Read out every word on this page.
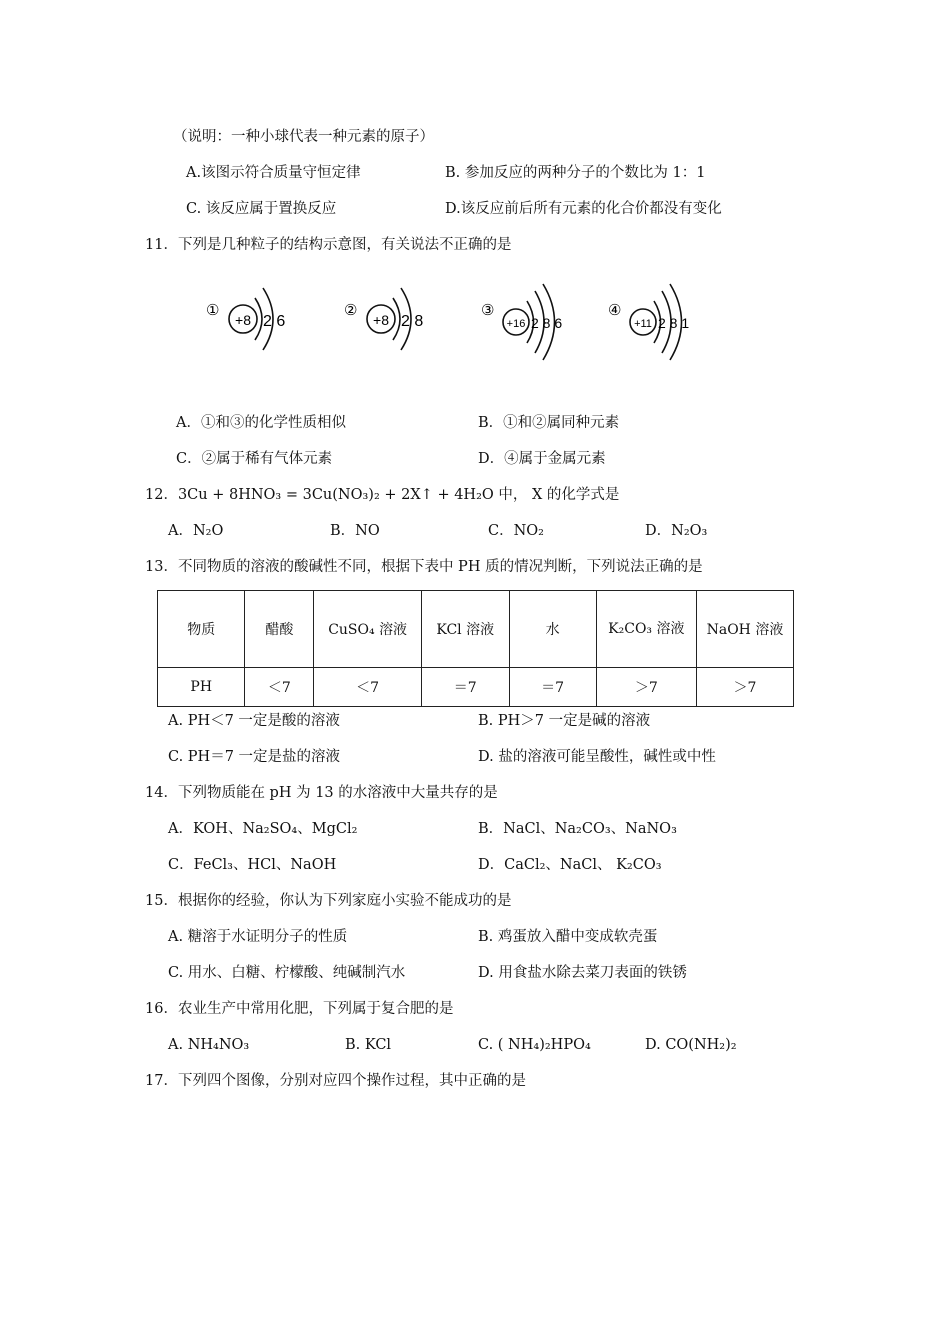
（说明：一种小球代表一种元素的原子）
A.该图示符合质量守恒定律	B. 参加反应的两种分子的个数比为 1：1
C. 该反应属于置换反应	D.该反应前后所有元素的化合价都没有变化
11．下列是几种粒子的结构示意图，有关说法不正确的是
①
+8 2 6
②
+8 2 8
③
+16 2 8 6
④
+11 2 8 1
A．①和③的化学性质相似	B．①和②属同种元素
C．②属于稀有气体元素	D．④属于金属元素
12．3Cu + 8HNO₃ = 3Cu(NO₃)₂ + 2X↑ + 4H₂O 中， X 的化学式是
A．N₂O	B．NO	C．NO₂	D．N₂O₃
13．不同物质的溶液的酸碱性不同，根据下表中 PH 质的情况判断，下列说法正确的是
物质	醋酸	CuSO₄ 溶液	KCl 溶液	水	K₂CO₃ 溶液	NaOH 溶液
PH	＜7	＜7	＝7	＝7	＞7	＞7
A. PH＜7 一定是酸的溶液	B. PH＞7 一定是碱的溶液
C. PH＝7 一定是盐的溶液	D. 盐的溶液可能呈酸性，碱性或中性
14．下列物质能在 pH 为 13 的水溶液中大量共存的是
A．KOH、Na₂SO₄、MgCl₂	B．NaCl、Na₂CO₃、NaNO₃
C．FeCl₃、HCl、NaOH	D．CaCl₂、NaCl、 K₂CO₃
15．根据你的经验，你认为下列家庭小实验不能成功的是
A. 糖溶于水证明分子的性质	B. 鸡蛋放入醋中变成软壳蛋
C. 用水、白糖、柠檬酸、纯碱制汽水	D. 用食盐水除去菜刀表面的铁锈
16．农业生产中常用化肥，下列属于复合肥的是
A. NH₄NO₃	B. KCl	C. ( NH₄)₂HPO₄	D. CO(NH₂)₂
17．下列四个图像，分别对应四个操作过程，其中正确的是
